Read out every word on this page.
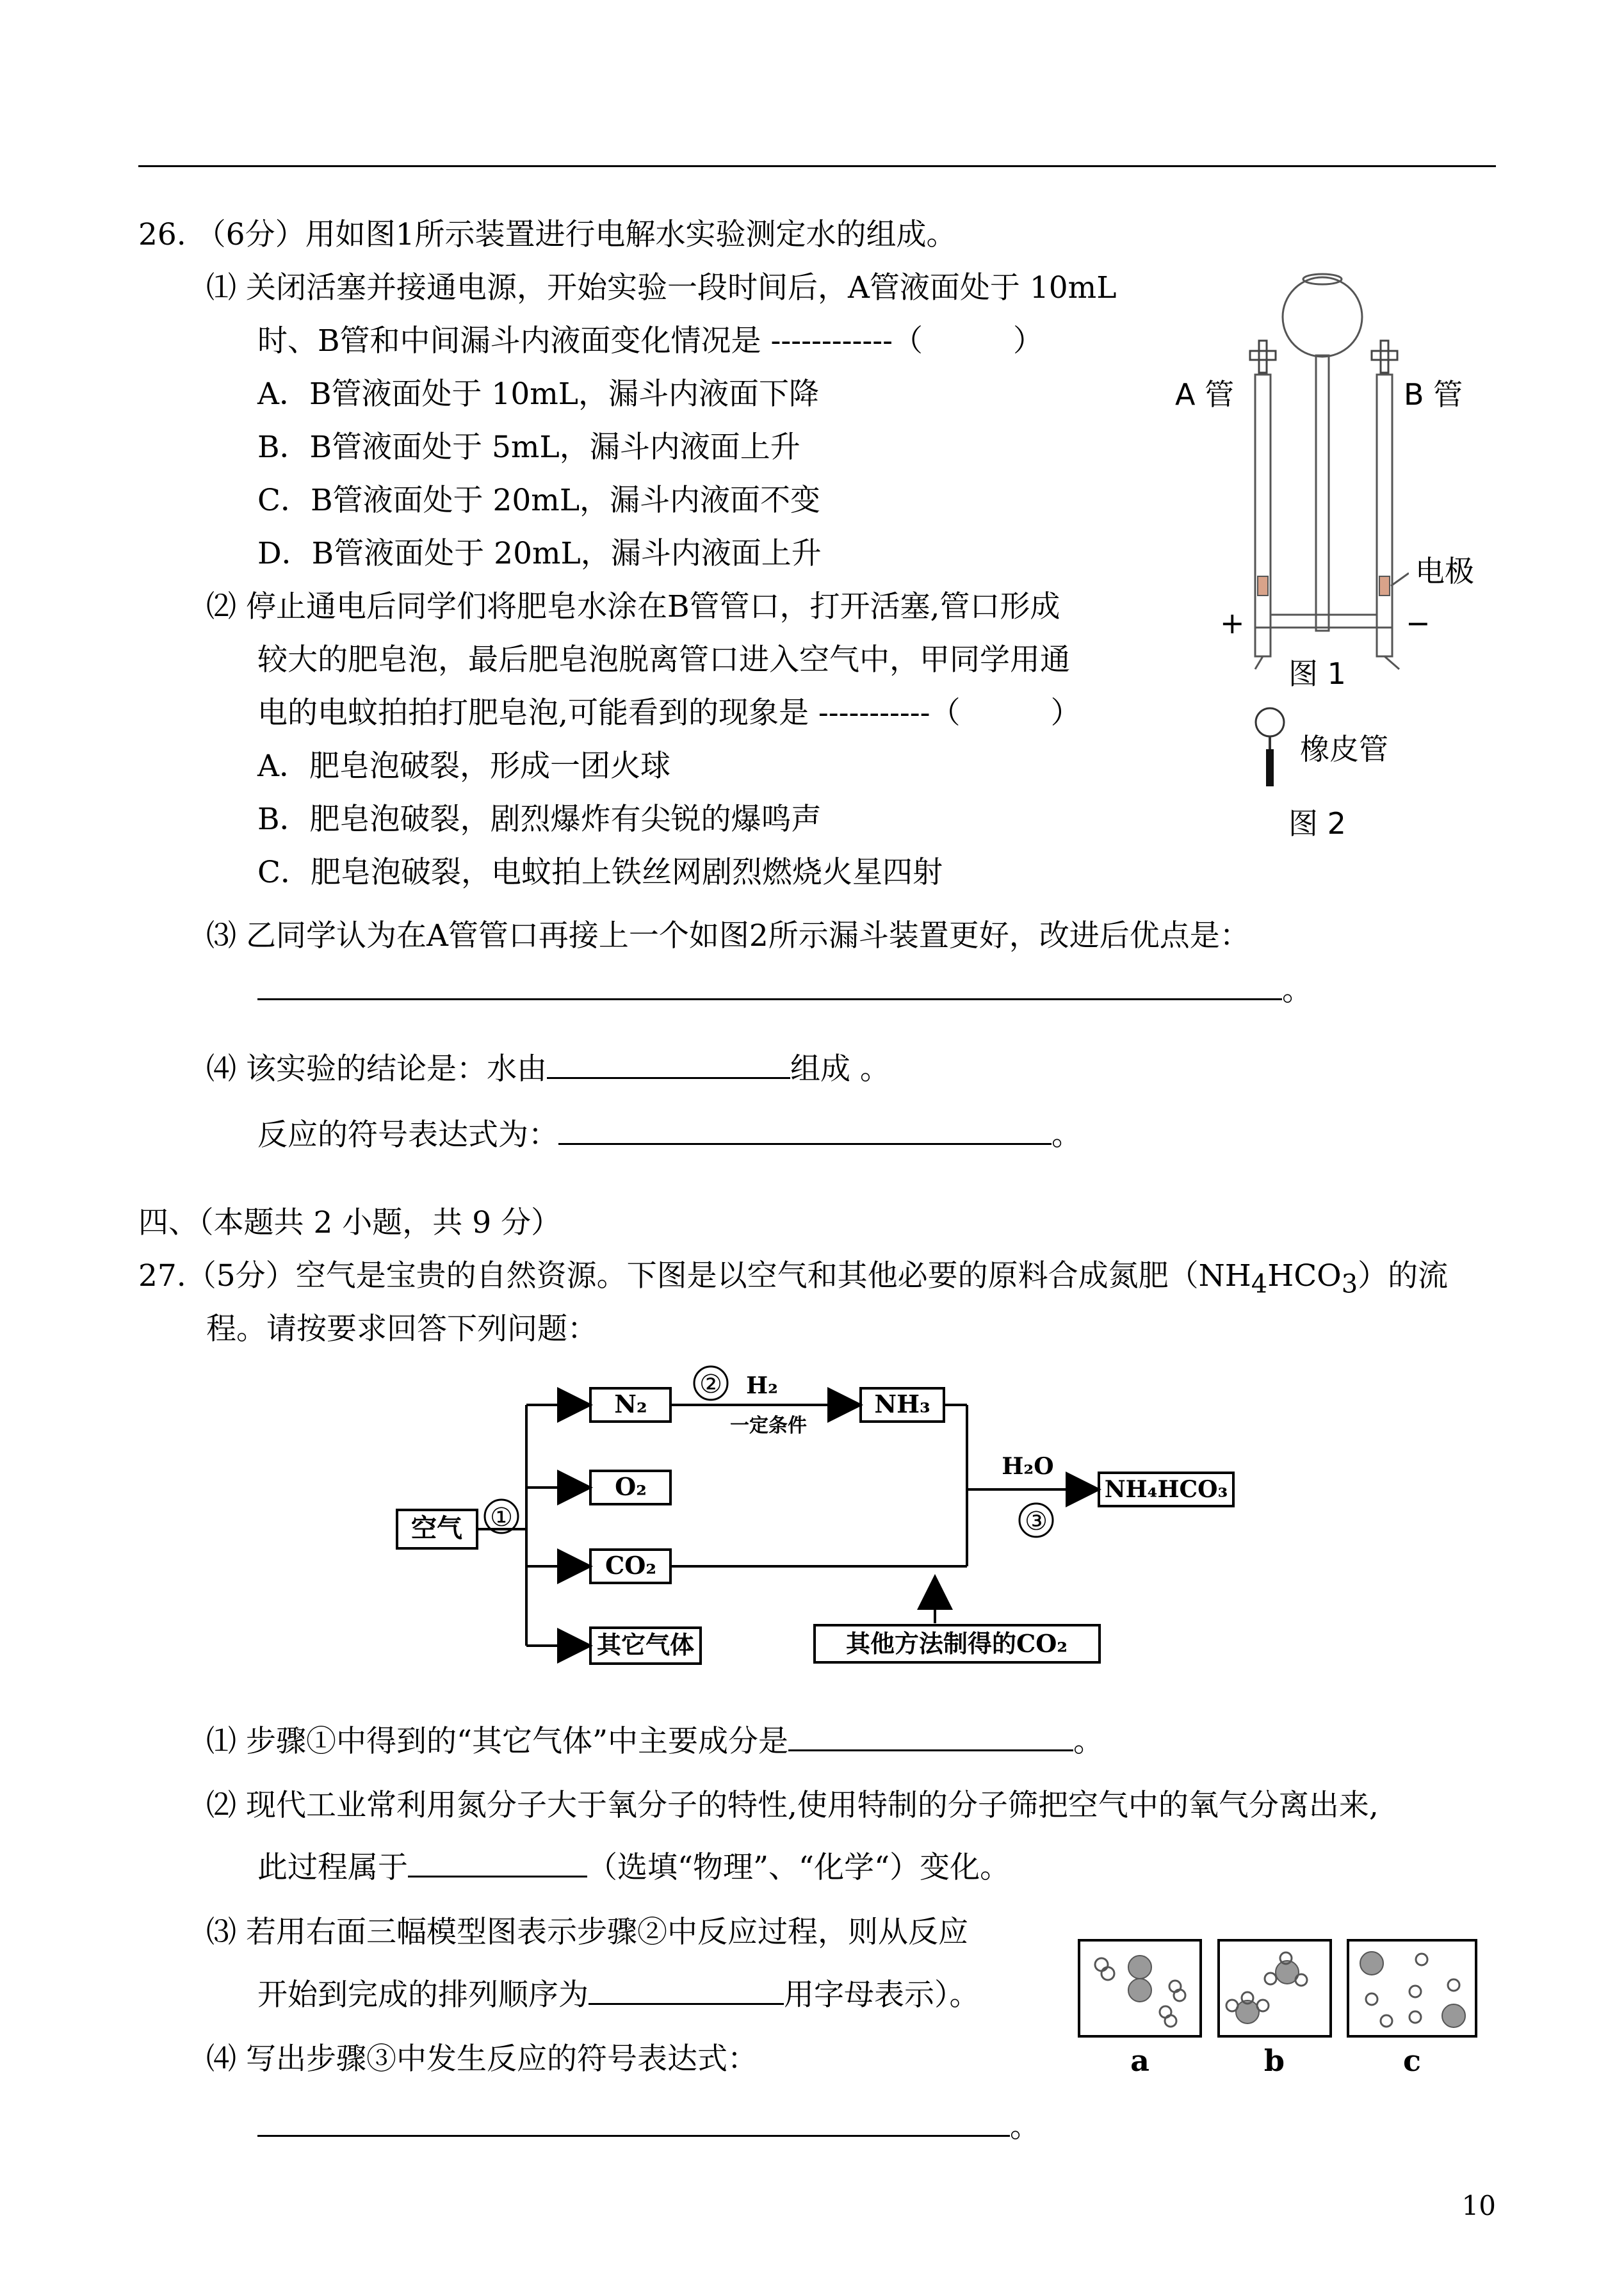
26. （6分）用如图1所示装置进行电解水实验测定水的组成。
⑴ 关闭活塞并接通电源，开始实验一段时间后，A管液面处于 10mL
时、B管和中间漏斗内液面变化情况是 ------------（　　　）
A．B管液面处于 10mL，漏斗内液面下降
B．B管液面处于 5mL，漏斗内液面上升
C．B管液面处于 20mL，漏斗内液面不变
D．B管液面处于 20mL，漏斗内液面上升
⑵ 停止通电后同学们将肥皂水涂在B管管口，打开活塞,管口形成
较大的肥皂泡，最后肥皂泡脱离管口进入空气中，甲同学用通
电的电蚊拍拍打肥皂泡,可能看到的现象是 -----------（　　　）
A．肥皂泡破裂，形成一团火球
B．肥皂泡破裂，剧烈爆炸有尖锐的爆鸣声
C．肥皂泡破裂，电蚊拍上铁丝网剧烈燃烧火星四射
⑶ 乙同学认为在A管管口再接上一个如图2所示漏斗装置更好，改进后优点是：
。
⑷ 该实验的结论是：水由	组成 。
反应的符号表达式为：	。
A 管	B 管
电极
+	−
图 1
橡皮管
图 2
四、（本题共 2 小题，共 9 分）
27.（5分）空气是宝贵的自然资源。下图是以空气和其他必要的原料合成氮肥$(NH_4HCO_3)$的流
程。请按要求回答下列问题：
空气 ①
N₂
O₂
CO₂
其它气体
② H₂
一定条件
NH₃
H₂O
③
NH₄HCO₃
其他方法制得的CO₂
⑴ 步骤①中得到的“其它气体”中主要成分是	。
⑵ 现代工业常利用氮分子大于氧分子的特性,使用特制的分子筛把空气中的氧气分离出来,
此过程属于	（选填“物理”、“化学“）变化。
⑶ 若用右面三幅模型图表示步骤②中反应过程，则从反应
开始到完成的排列顺序为	用字母表示）。
⑷ 写出步骤③中发生反应的符号表达式：
。
a	b	c
10
